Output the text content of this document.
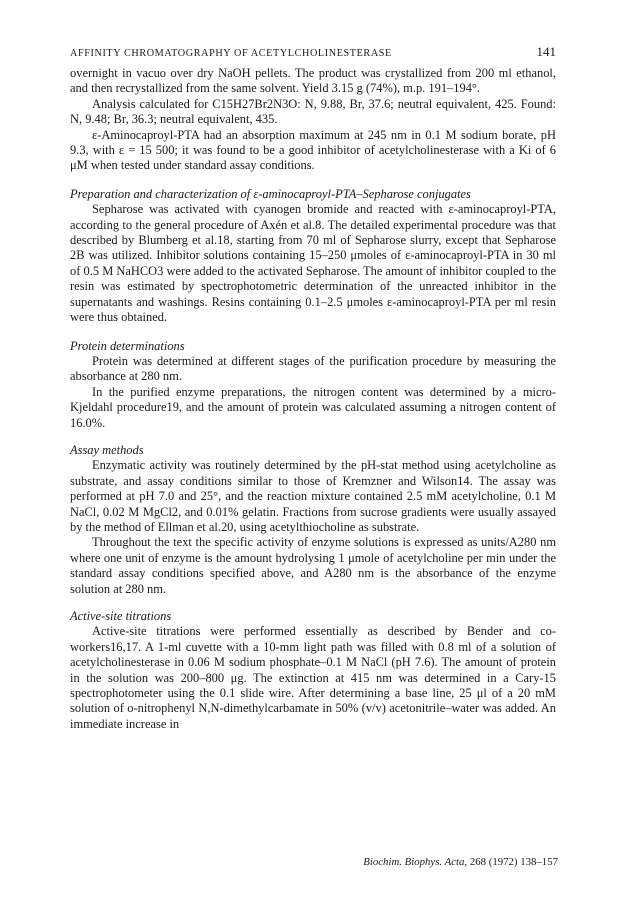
AFFINITY CHROMATOGRAPHY OF ACETYLCHOLINESTERASE	141

overnight in vacuo over dry NaOH pellets. The product was crystallized from 200 ml ethanol, and then recrystallized from the same solvent. Yield 3.15 g (74%), m.p. 191–194°.

Analysis calculated for C15H27Br2N3O: N, 9.88, Br, 37.6; neutral equivalent, 425. Found: N, 9.48; Br, 36.3; neutral equivalent, 435.

ε-Aminocaproyl-PTA had an absorption maximum at 245 nm in 0.1 M sodium borate, pH 9.3, with ε = 15 500; it was found to be a good inhibitor of acetylcholinesterase with a Ki of 6 μM when tested under standard assay conditions.

Preparation and characterization of ε-aminocaproyl-PTA–Sepharose conjugates

Sepharose was activated with cyanogen bromide and reacted with ε-aminocaproyl-PTA, according to the general procedure of Axén et al.8. The detailed experimental procedure was that described by Blumberg et al.18, starting from 70 ml of Sepharose slurry, except that Sepharose 2B was utilized. Inhibitor solutions containing 15–250 μmoles of ε-aminocaproyl-PTA in 30 ml of 0.5 M NaHCO3 were added to the activated Sepharose. The amount of inhibitor coupled to the resin was estimated by spectrophotometric determination of the unreacted inhibitor in the supernatants and washings. Resins containing 0.1–2.5 μmoles ε-aminocaproyl-PTA per ml resin were thus obtained.

Protein determinations

Protein was determined at different stages of the purification procedure by measuring the absorbance at 280 nm.

In the purified enzyme preparations, the nitrogen content was determined by a micro-Kjeldahl procedure19, and the amount of protein was calculated assuming a nitrogen content of 16.0%.

Assay methods

Enzymatic activity was routinely determined by the pH-stat method using acetylcholine as substrate, and assay conditions similar to those of Kremzner and Wilson14. The assay was performed at pH 7.0 and 25°, and the reaction mixture contained 2.5 mM acetylcholine, 0.1 M NaCl, 0.02 M MgCl2, and 0.01% gelatin. Fractions from sucrose gradients were usually assayed by the method of Ellman et al.20, using acetylthiocholine as substrate.

Throughout the text the specific activity of enzyme solutions is expressed as units/A280 nm where one unit of enzyme is the amount hydrolysing 1 μmole of acetylcholine per min under the standard assay conditions specified above, and A280 nm is the absorbance of the enzyme solution at 280 nm.

Active-site titrations

Active-site titrations were performed essentially as described by Bender and co-workers16,17. A 1-ml cuvette with a 10-mm light path was filled with 0.8 ml of a solution of acetylcholinesterase in 0.06 M sodium phosphate–0.1 M NaCl (pH 7.6). The amount of protein in the solution was 200–800 μg. The extinction at 415 nm was determined in a Cary-15 spectrophotometer using the 0.1 slide wire. After determining a base line, 25 μl of a 20 mM solution of o-nitrophenyl N,N-dimethylcarbamate in 50% (v/v) acetonitrile–water was added. An immediate increase in

Biochim. Biophys. Acta, 268 (1972) 138–157
